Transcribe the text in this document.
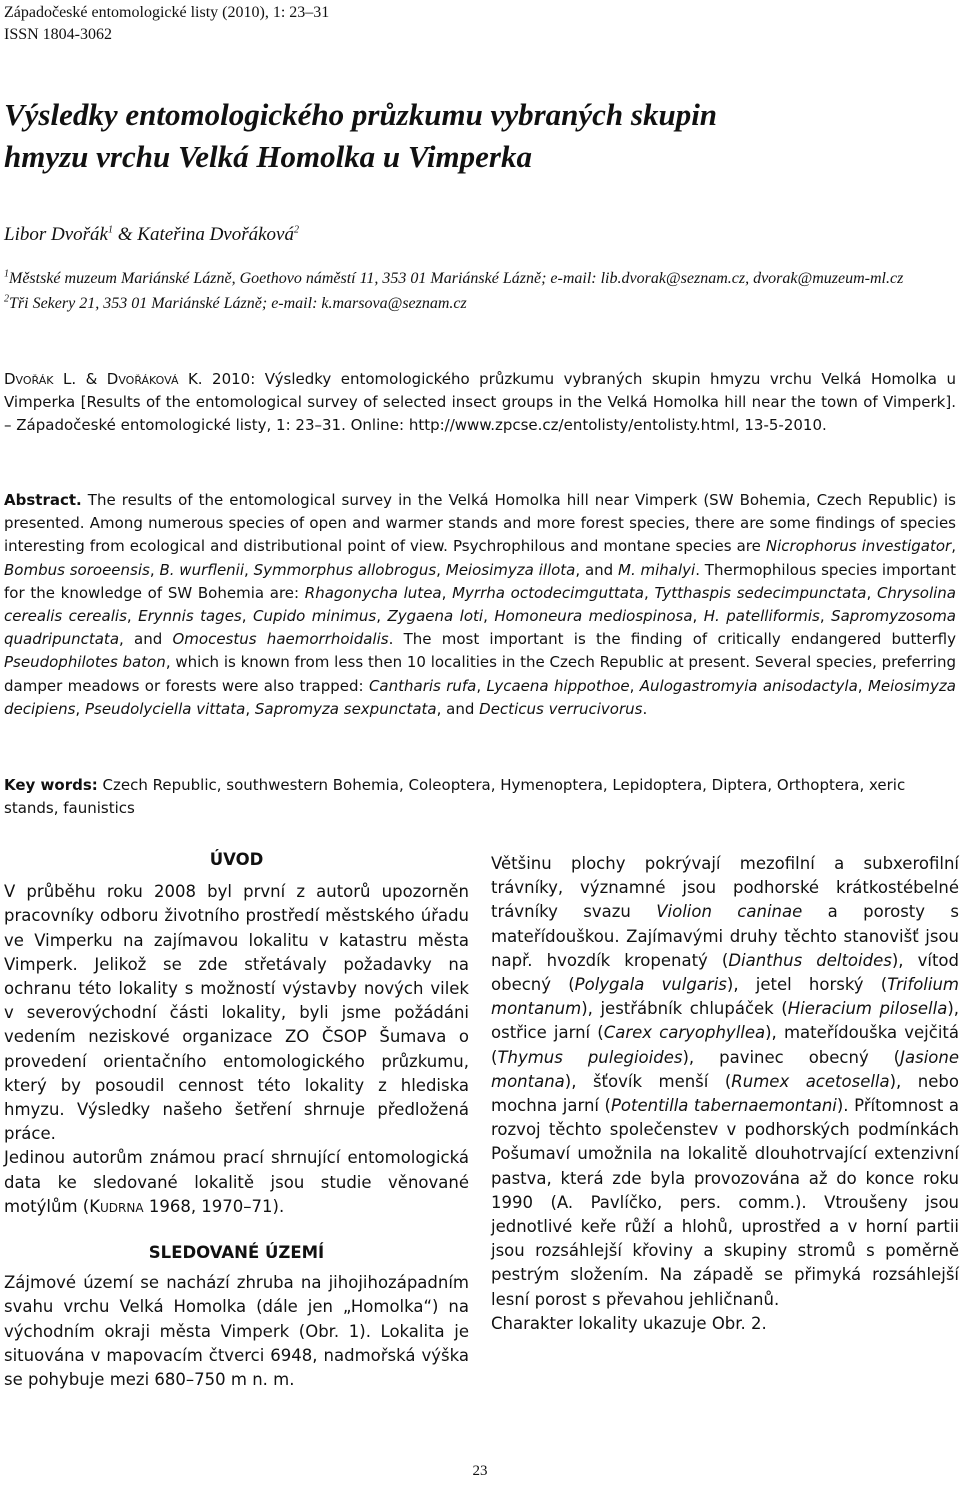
Západočeské entomologické listy (2010), 1: 23–31
ISSN 1804-3062
Výsledky entomologického průzkumu vybraných skupin
hmyzu vrchu Velká Homolka u Vimperka
Libor Dvořák$^1$ & Kateřina Dvořáková$^2$
$^1$Městské muzeum Mariánské Lázně, Goethovo náměstí 11, 353 01 Mariánské Lázně; e-mail: lib.dvorak@seznam.cz, dvorak@muzeum-ml.cz
$^2$Tři Sekery 21, 353 01 Mariánské Lázně; e-mail: k.marsova@seznam.cz
Dvořák L. & Dvořáková K. 2010: Výsledky entomologického průzkumu vybraných skupin hmyzu vrchu Velká Homolka u Vimperka [Results of the entomological survey of selected insect groups in the Velká Homolka hill near the town of Vimperk]. – Západočeské entomologické listy, 1: 23–31. Online: http://www.zpcse.cz/entolisty/entolisty.html, 13-5-2010.
Abstract. The results of the entomological survey in the Velká Homolka hill near Vimperk (SW Bohemia, Czech Republic) is presented. Among numerous species of open and warmer stands and more forest species, there are some findings of species interesting from ecological and distributional point of view. Psychrophilous and montane species are Nicrophorus investigator, Bombus soroeensis, B. wurflenii, Symmorphus allobrogus, Meiosimyza illota, and M. mihalyi. Thermophilous species important for the knowledge of SW Bohemia are: Rhagonycha lutea, Myrrha octodecimguttata, Tytthaspis sedecimpunctata, Chrysolina cerealis cerealis, Erynnis tages, Cupido minimus, Zygaena loti, Homoneura mediospinosa, H. patelliformis, Sapromyzosoma quadripunctata, and Omocestus haemorrhoidalis. The most important is the finding of critically endangered butterfly Pseudophilotes baton, which is known from less then 10 localities in the Czech Republic at present. Several species, preferring damper meadows or forests were also trapped: Cantharis rufa, Lycaena hippothoe, Aulogastromyia anisodactyla, Meiosimyza decipiens, Pseudolyciella vittata, Sapromyza sexpunctata, and Decticus verrucivorus.
Key words: Czech Republic, southwestern Bohemia, Coleoptera, Hymenoptera, Lepidoptera, Diptera, Orthoptera, xeric stands, faunistics
ÚVOD

V průběhu roku 2008 byl první z autorů upozorněn pracovníky odboru životního prostředí městského úřadu ve Vimperku na zajímavou lokalitu v katastru města Vimperk. Jelikož se zde střetávaly požadavky na ochranu této lokality s možností výstavby nových vilek v severovýchodní části lokality, byli jsme požádáni vedením neziskové organizace ZO ČSOP Šumava o provedení orientačního entomologického průzkumu, který by posoudil cennost této lokality z hlediska hmyzu. Výsledky našeho šetření shrnuje předložená práce.

Jedinou autorům známou prací shrnující entomologická data ke sledované lokalitě jsou studie věnované motýlům (Kudrna 1968, 1970–71).

SLEDOVANÉ ÚZEMÍ

Zájmové území se nachází zhruba na jihojihozápadním svahu vrchu Velká Homolka (dále jen „Homolka“) na východním okraji města Vimperk (Obr. 1). Lokalita je situována v mapovacím čtverci 6948, nadmořská výška se pohybuje mezi 680–750 m n. m.

Většinu plochy pokrývají mezofilní a subxerofilní trávníky, významné jsou podhorské krátkostébelné trávníky svazu Violion caninae a porosty s mateřídouškou. Zajímavými druhy těchto stanovišť jsou např. hvozdík kropenatý (Dianthus deltoides), vítod obecný (Polygala vulgaris), jetel horský (Trifolium montanum), jestřábník chlupáček (Hieracium pilosella), ostřice jarní (Carex caryophyllea), mateřídouška vejčitá (Thymus pulegioides), pavinec obecný (Jasione montana), šťovík menší (Rumex acetosella), nebo mochna jarní (Potentilla tabernaemontani). Přítomnost a rozvoj těchto společenstev v podhorských podmínkách Pošumaví umožnila na lokalitě dlouhotrvající extenzivní pastva, která zde byla provozována až do konce roku 1990 (A. Pavlíčko, pers. comm.). Vtroušeny jsou jednotlivé keře růží a hlohů, uprostřed a v horní partii jsou rozsáhlejší křoviny a skupiny stromů s poměrně pestrým složením. Na západě se přimyká rozsáhlejší lesní porost s převahou jehličnanů.

Charakter lokality ukazuje Obr. 2.

23
